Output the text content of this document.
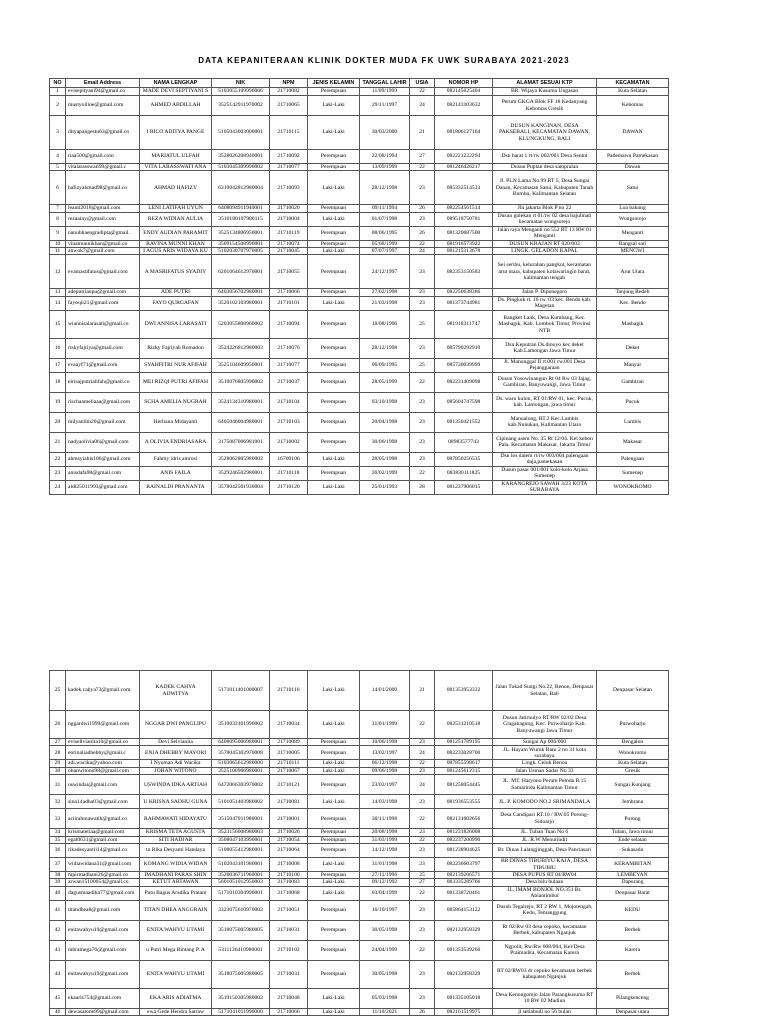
DATA KEPANITERAAN KLINIK DOKTER MUDA FK UWK SURABAYA 2021-2023
NO	Email Address	NAMA LENGKAP	NIK	NPM	JENIS KELAMIN	TANGGAL LAHIR	USIA	NOMOR HP	ALAMAT SESUAI KTP	KECAMATAN
1	evisepityani94@gmail.co	MADE DEVI SEPTIYANI S	5103055109990006	21710082	Perempuan	11/09/1999	22	082145625404	BR. Wijaya Kusuma Ungasan	Kuta Selatan
2	mustyoiline@gmail.com	AHMED ABDILLAH	3525142911970002	21710065	Laki-Laki	29/11/1997	24	082143103632	Perum GKGA Blok FF 18 Kedanyang Kebomas Gresik	Kebomas
3	dityapangestu63@gmail.co	I RICO ADITYA PANGE	5105043003000001	21710115	Laki-Laki	30/03/2000	21	081806127164	DUSUN KANGINAN, DESA PAKSEBALI, KECAMATAN DAWAN, KLUNGKUNG, BALI	DAWAN
4	riaa500@gmail.com	MARIATUL ULFAH	3528026208940001	21710092	Perempuan	22/08/1994	27	082221222294	Dsn barat 1 rt/rw 002/001 Desa Sentol	Pademawu Pamekasan
5	vitalarasswati99@gmail.c	VITA LARASSWATI ANA	5103045309990002	21710077	Perempuan	13/09/1999	22	081246426217	Dusun Puptan desa sampralan	Dawan
6	hafizyahmad98@gmail.co	AHMAD HAFIZY	6310042812980004	21710093	Laki-Laki	28/12/1998	23	085332514533	Jl. PLN Lama No.99 RT 5, Desa Sungai Danau, Kecamatan Satui, Kabupaten Tanah Bumbu, Kalimantan Selatan	Satui
7	leanti2018@gmail.com	LENI LATIFAH UYUN	6408094911940001	21710020	Perempuan	09/11/1994	26	082254561514	Jln jakarta Blok P no 22	Loa bakung
8	rezaainy@gmail.com	REZA WIDIAN AULIA	3510180107980115	21710004	Laki-Laki	01/07/1998	23	089518750781	Dusun gulekan rt 01/rw 02 desa bajulmati kecamatan wongsorejo	Wongsorejo
9	nanubhaengradipta@gmail.	ENDY AUDIAN PARAMIT	3525134806950001	21710119	Perempuan	08/06/1995	26	081320687500	Jalan raya Menganti no 552 RT 13 RW 01 Menganti	Menganti
10	vinamunnikhan@gmail.co	RAVINA MUNNI KHAN	3509154508990001	21710074	Perempuan	05/08/1999	22	081916573922	DUSUN KRAJAN RT 020/003	Bangsal sari
11	anwok7@gmail.com	I AGUS ARIS WIDAYA KU	5102030707970005	21710045	Laki-Laki	07/07/1997	24	081215313678	LINGK. GELADON KAPAL	MENGWI
12	evamastifatus@gmail.com	A MASRIFATUS SYADIY	6201064612970001	21710055	Perempuan	24/12/1997	23	082353150583	Sei seribu, kelurahan pangkut, kecamatan arut utara, kabupaten kotawaringin barat, kalimantan tengah	Arut Utara
13	adeputriaupu@gmail.com	ADE PUTRI	6403056702980001	21710066	Perempuan	27/02/1998	23	082250638386	Jalan P. Diponegoro	Tanjung Redeb
14	fayoqii21@gmail.com	FAYO QURGAFAN	3520102103980001	21710101	Laki-Laki	21/03/1998	23	081373744981	Ds. Pingkuk rt. 16 rw. 03 kec. Bendo kab. Magetan	Kec. Bendo
15	wiannisalarasati@gmail.co	DWI ANNISA LARASATI	5203055808960002	21710094	Perempuan	18/08/1996	25	081918311747	Bangket Lauk, Desa Kumbang, Kec. Masbagik, Kab. Lombok Timur, Provinsi NTB	Masbagik
16	riskyfajriya@gmail.com	Rizky Fajriyah Romadon	3524226812980003	21710076	Perempuan	28/12/1998	23	085790292910	Dsn.Keputran Ds.dinoyo kec.deket Kab.Lamongan Jawa Timur	Deket
17	evaayf71@gmail.com	SYAHFITRI NUR AFIFAH	3525104609950001	21710077	Perempuan	06/09/1995	25	085730039999	Jl. Manunggal II rt.001 rw.001 Desa Pejanggaraan	Manyar
18	eirisajputrialifah@gmail.co	MEI RIZQI PUTRI AFIFAH	3510076805990002	21710037	Perempuan	28/05/1999	22	082231409098	Dusun Yosowinangun Rt 04 Rw 03 Jajag, Gambiran, Banyuwangi, Jawa Timur	Gambiran
19	rischaameliaaa@gmail.com	SCHA AMELIA NUGRAH	3524134310980001	21710104	Perempuan	03/10/1998	23	085604747598	Ds. waru kulon, RT 01/RW 01, kec. Pucuk, kab. Lamongan, jawa timur	Pucuk
20	milyanilm20@gmail.com	Herliana Midayanti	6405046004980001	21710103	Perempuan	20/04/1998	23	081350421552	Manualong, RT.2 Kec.Lumbis kab.Nunukan, Kalimantan Utara	Lumbis
21	nadyaolivia06@gmail.com	A OLIVIA ENDRIASARA	3175087006981001	21710002	Perempuan	30/06/1998	23	08983577743	Cipinang asem No. 35 Rt 12/04. Kel kebon Pala. Kecamatan Makasar. Jakarta Timur	Makasar
22	ahmsyiabis106@gmail.com	Fahmy idris amrosi	3528062805980002	16700106	Laki-Laki	28/05/1998	23	087850256535	Dsn los dalem rt/rw 003/004 palengaan daja,pamekasan	Palengaan
23	anisdafa98@gmail.com	ANIS FAILA	3529246502980001	21710118	Perempuan	26/02/1999	22	083830111825	Dusun pasar 001/001 kolo-kolo Arjasa Sumenep	Sumenep
24	aldi25011993@gmail.com	RAINALDI PRANANTA	3578042501930004	21710120	Laki-Laki	25/01/1993	28	081237906015	KARANGREJO SAWAH 3/23 KOTA SURABAYA	WONOKROMO
25	kadek.cahya73@gmail.com	KADEK CAHYA ADWITYA	5171011401000007	21710110	Laki-Laki	14/01/2000	21	081353953332	Jalan Tukad Sungi No.22, Renon, Denpasar Selatan, Bali	Denpasar Selatan
26	nggardwi1999@gmail.com	NGGAR DWI PANGLIPU	3510033101990002	21710034	Laki-Laki	31/01/1999	22	082531210518	Dusun Jatirnulyo RT/RW 02/02 Desa Glagahagung, Kec. Purwoharjo Kab. Banyuwangi Jawa Timur	Purwoharjo
27	evisellvianita10@gmail.co	Devi Selvianita	6408095006980001	21710089	Perempuan	10/06/1998	23	081251789195	Sungai Ap 006/000	Bengalon
28	eorinaliadhebby@gmail.c	ENJA DHEBBY MAYORI	3578045302970008	21710005	Perempuan	13/02/1997	24	082233028700	JL. Hayam Wuruk Baru 2 no 31 kota surabaya	Wonokromo
29	adi.wacika@yahoo.com	I Nyoman Adi Wacika	5103065612980000	21710111	Laki-Laki	06/12/1998	22	087855598617	Lingk. Celuk Benoa	Kuta Selatan
30	ohanwitono98@gmail.com	JOHAN WITONO	3525100906980001	21710067	Laki-Laki	09/06/1998	23	081245612315	Jalan Usman Sadar No 33	Gresik
31	uswindai@gmail.com	USWINDA IDKA ARTIAH	6472066303970002	21710121	Perempuan	23/03/1997	24	081258054445	JL. MT. Haryono Perum Pemda B.15 Samarinda Kalimantan Timur	Sungai Kunjang
32	sina14adha03@gmail.com	U KRISNA SADHU GUNA	5101051403980002	21710081	Laki-Laki	14/03/1998	23	081936553555	JL. P. KOMODO NO.2 SRIMANDALA	Jembrana
33	aciirahmawatih@gmail.co	RAHMAWATI HIDAYATU	3515047011980001	21710001	Perempuan	30/11/1998	22	082131602656	Desa Candipari RT.10 / RW.05 Porong-Sidoarjo	Porong
34	krismatetiaa@gmail.com	KRISMA TETA AGUSTA	3523156008980003	21710026	Perempuan	20/08/1998	23	081231826008	JL. Tuban Tuan No 6	Tuban, Jawa timur
35	egat0631@gmail.com	SITI HADJAR	3508047103990001	21710054	Perempuan	31/03/1999	22	082237200990	JL. R.W Menurindit	Ende selatan
36	rikadesyantii14@gmail.co	tu Rika Desyanti Handaya	5108055412980001	21710064	Perempuan	14/12/1998	23	081238904625	Br. Dinas Lalangjinggah, Desa Panciasari	Sukasada
37	widiawidana31@gmail.com	KOMANG WIDIA WIDAN	5102043101980001	21710008	Laki-Laki	31/01/1998	23	082236603797	BR DINAS TIBUBIYU KAJA, DESA TIBUBIU	KERAMBITAN
38	mpirmadhani26@gmail.co	IMADHANI PARAS SHIN	3520036711960001	21710100	Perempuan	27/11/1996	25	082139206571	DESA PUPUS RT 04/RW04	LEMBEYAN
39	arwan15100054@gmail.co	KETUT ARTAWAN	5601051012950003	21710083	Laki-Laki	09/12/1992	27	083335289766	Desa bilu bulaan	Dapurang
40	dagusmaadika77@gmail.com	Putu Bagus Aradika Pratam	5171010304990001	21710068	Laki-Laki	03/04/1999	22	081338720461	JL. IMAM BONJOL NO.351 Br. Abiantimbul	Denpasar Barat
41	titandhea8@gmail.com	TITAN DHEA ANGGRAIN	3323075610970002	21710051	Perempuan	16/10/1997	23	085864153122	Dusuh Tegalrejo, RT 2 RW 1, Mojotengah, Kedu, Temanggung	KEDU
42	enitawahyu19@gmail.com	ENITA WAHYU UTAMI	3518075005980005	21710031	Perempuan	30/05/1998	23	082132958329	Rt 02/Rw 03 desa cepoko, kecamatan Berbek, kabupaten Nganjuk	Berbek
43	mbramega76@gmail.com	u Putri Mega Bintang P. A	5311136410980001	21710102	Perempuan	24/04/1999	22	081353539266	Ngpolit, Rw/Rw 008/004, Kel/Desa Praimadita, Kecamatan Karera	Karera
44	enitawahyu19@gmail.com	ENITA WAHYU UTAMI	3518075005980005	21710031	Perempuan	30/05/1998	23	082132958329	RT 02/RW03 dr cepoko kecamatan berbek kabupaten Nganjuk	Berbek
45	ekaaris754@gmail.com	EKA ARIS ADIATMA	3519150305980002	21710048	Laki-Laki	05/03/1998	23	081335105018	Desa Kenongorejo Jalan Parangkusuma RT 10 RW 02 Madiun	Pilangkenceng
46	dewasatone99@gmail.com	ewa Gede Hendra Satraw	5171041011990000	21710066	Laki-Laki	11/10/2021	26	082161519975	jl setiabudi no 56 bulan	Denpasar utara
